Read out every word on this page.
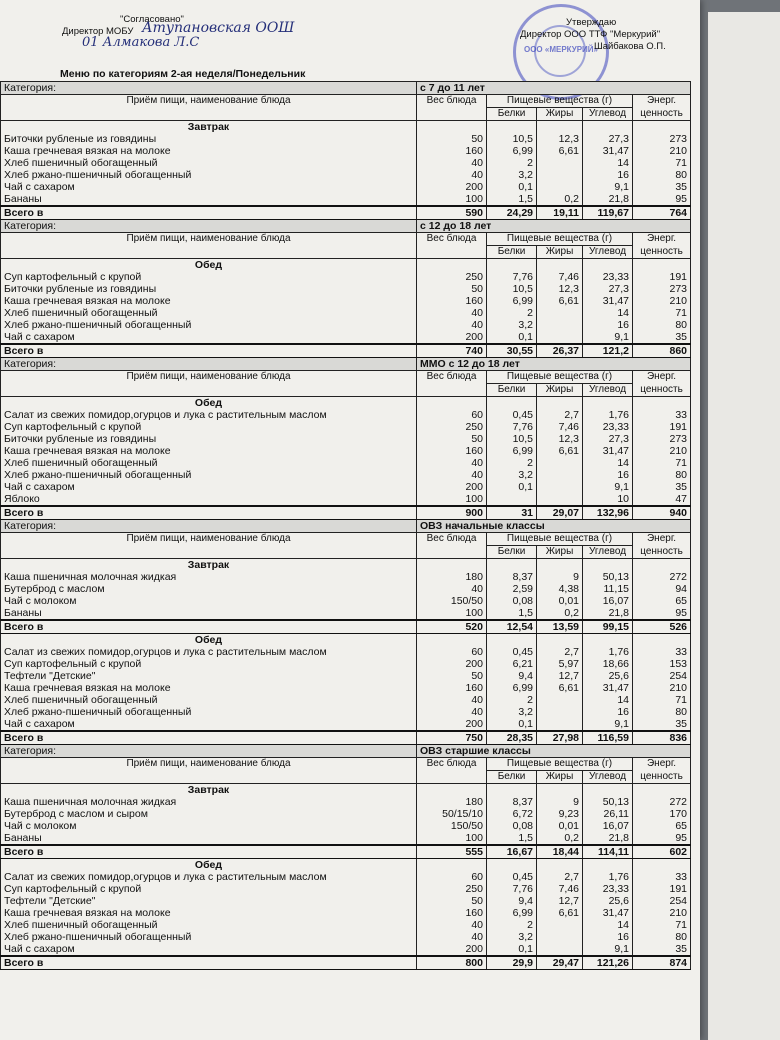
"Согласовано"
Директор МОБУ Атупановская ООШ
01 Алмакова Л.С	ООО «МЕРКУРИЙ»
Утверждаю
Директор ООО ТТФ "Меркурий"
Шайбакова О.П.
Меню по категориям 2-ая неделя/Понедельник
Категория:	с 7 до 11 лет				
Приём пищи, наименование блюда	Вес блюда	Пищевые вещества (г)			Энерг.
		Белки	Жиры	Углевод	ценность
Завтрак					
Биточки рубленые из говядины	50	10,5	12,3	27,3	273
Каша гречневая вязкая на молоке	160	6,99	6,61	31,47	210
Хлеб пшеничный обогащенный	40	2		14	71
Хлеб ржано-пшеничный обогащенный	40	3,2		16	80
Чай с сахаром	200	0,1		9,1	35
Бананы	100	1,5	0,2	21,8	95
Всего в	590	24,29	19,11	119,67	764
Категория:	с 12 до 18 лет				
Приём пищи, наименование блюда	Вес блюда	Пищевые вещества (г)			Энерг.
		Белки	Жиры	Углевод	ценность
Обед					
Суп картофельный с крупой	250	7,76	7,46	23,33	191
Биточки рубленые из говядины	50	10,5	12,3	27,3	273
Каша гречневая вязкая на молоке	160	6,99	6,61	31,47	210
Хлеб пшеничный обогащенный	40	2		14	71
Хлеб ржано-пшеничный обогащенный	40	3,2		16	80
Чай с сахаром	200	0,1		9,1	35
Всего в	740	30,55	26,37	121,2	860
Категория:	ММО с 12 до 18 лет				
Приём пищи, наименование блюда	Вес блюда	Пищевые вещества (г)			Энерг.
		Белки	Жиры	Углевод	ценность
Обед					
Салат из свежих помидор,огурцов и лука с растительным маслом	60	0,45	2,7	1,76	33
Суп картофельный с крупой	250	7,76	7,46	23,33	191
Биточки рубленые из говядины	50	10,5	12,3	27,3	273
Каша гречневая вязкая на молоке	160	6,99	6,61	31,47	210
Хлеб пшеничный обогащенный	40	2		14	71
Хлеб ржано-пшеничный обогащенный	40	3,2		16	80
Чай с сахаром	200	0,1		9,1	35
Яблоко	100			10	47
Всего в	900	31	29,07	132,96	940
Категория:	ОВЗ начальные классы				
Приём пищи, наименование блюда	Вес блюда	Пищевые вещества (г)			Энерг.
		Белки	Жиры	Углевод	ценность
Завтрак					
Каша пшеничная молочная жидкая	180	8,37	9	50,13	272
Бутерброд с маслом	40	2,59	4,38	11,15	94
Чай с молоком	150/50	0,08	0,01	16,07	65
Бананы	100	1,5	0,2	21,8	95
Всего в	520	12,54	13,59	99,15	526
Обед					
Салат из свежих помидор,огурцов и лука с растительным маслом	60	0,45	2,7	1,76	33
Суп картофельный с крупой	200	6,21	5,97	18,66	153
Тефтели "Детские"	50	9,4	12,7	25,6	254
Каша гречневая вязкая на молоке	160	6,99	6,61	31,47	210
Хлеб пшеничный обогащенный	40	2		14	71
Хлеб ржано-пшеничный обогащенный	40	3,2		16	80
Чай с сахаром	200	0,1		9,1	35
Всего в	750	28,35	27,98	116,59	836
Категория:	ОВЗ старшие классы				
Приём пищи, наименование блюда	Вес блюда	Пищевые вещества (г)			Энерг.
		Белки	Жиры	Углевод	ценность
Завтрак					
Каша пшеничная молочная жидкая	180	8,37	9	50,13	272
Бутерброд с маслом и сыром	50/15/10	6,72	9,23	26,11	170
Чай с молоком	150/50	0,08	0,01	16,07	65
Бананы	100	1,5	0,2	21,8	95
Всего в	555	16,67	18,44	114,11	602
Обед					
Салат из свежих помидор,огурцов и лука с растительным маслом	60	0,45	2,7	1,76	33
Суп картофельный с крупой	250	7,76	7,46	23,33	191
Тефтели "Детские"	50	9,4	12,7	25,6	254
Каша гречневая вязкая на молоке	160	6,99	6,61	31,47	210
Хлеб пшеничный обогащенный	40	2		14	71
Хлеб ржано-пшеничный обогащенный	40	3,2		16	80
Чай с сахаром	200	0,1		9,1	35
Всего в	800	29,9	29,47	121,26	874
